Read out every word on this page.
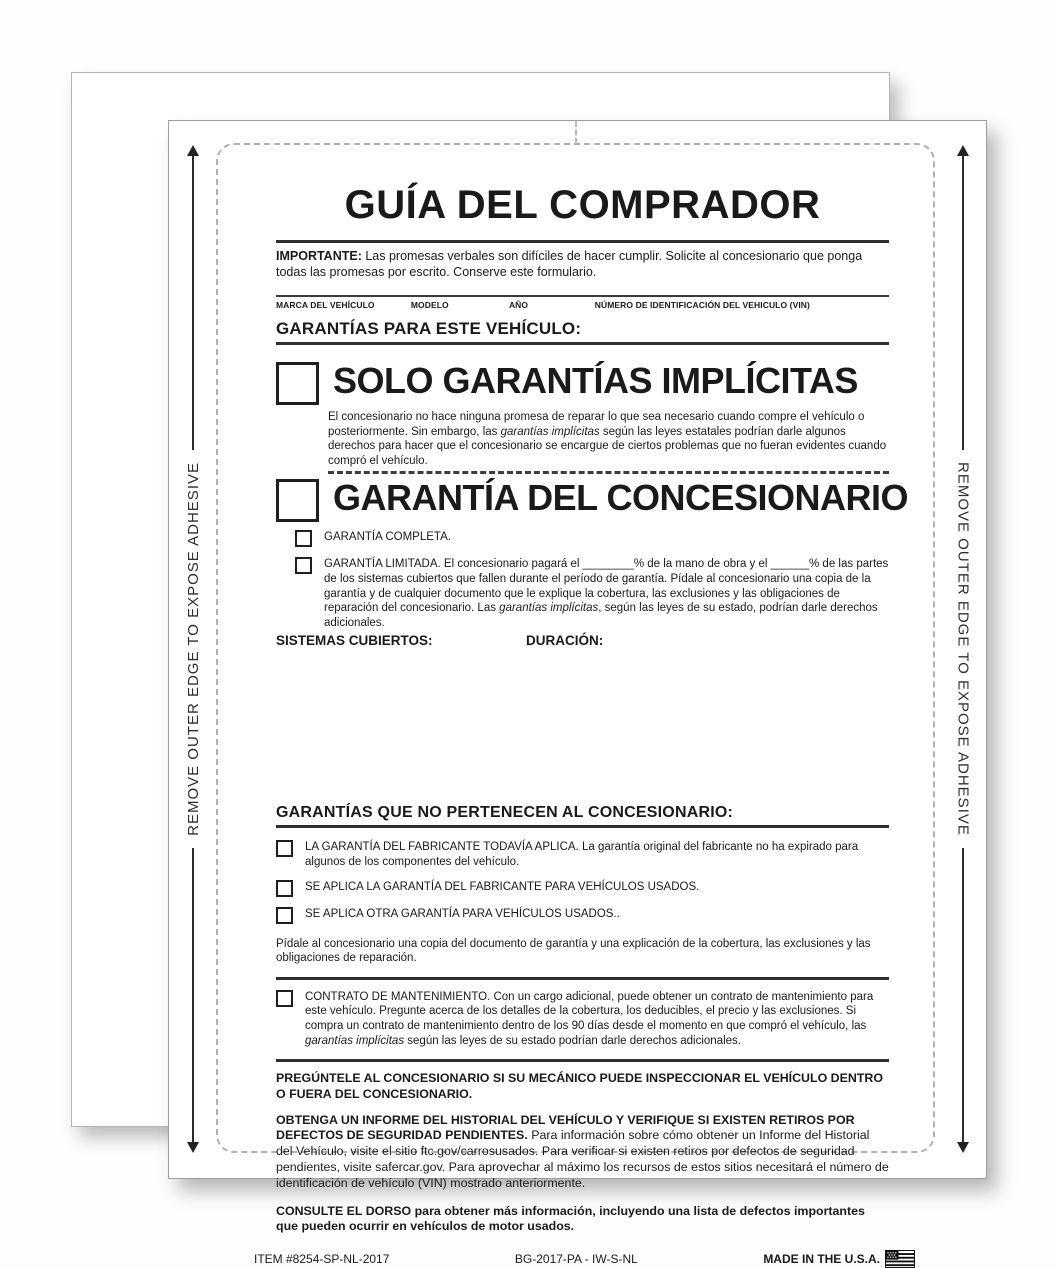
REMOVE OUTER EDGE TO EXPOSE ADHESIVE	REMOVE OUTER EDGE TO EXPOSE ADHESIVE
GUÍA DEL COMPRADOR
IMPORTANTE: Las promesas verbales son difíciles de hacer cumplir. Solicite al concesionario que ponga todas las promesas por escrito. Conserve este formulario.
MARCA DEL VEHÍCULO	MODELO	AÑO	NÚMERO DE IDENTIFICACIÓN DEL VEHICULO (VIN)
GARANTÍAS PARA ESTE VEHÍCULO:
SOLO GARANTÍAS IMPLÍCITAS
El concesionario no hace ninguna promesa de reparar lo que sea necesario cuando compre el vehículo o posteriormente. Sin embargo, las garantías implícitas según las leyes estatales podrían darle algunos derechos para hacer que el concesionario se encargue de ciertos problemas que no fueran evidentes cuando compró el vehículo.
GARANTÍA DEL CONCESIONARIO
GARANTÍA COMPLETA.
GARANTÍA LIMITADA. El concesionario pagará el ________% de la mano de obra y el ______% de las partes de los sistemas cubiertos que fallen durante el período de garantía. Pídale al concesionario una copia de la garantía y de cualquier documento que le explique la cobertura, las exclusiones y las obligaciones de reparación del concesionario. Las garantías implícitas, según las leyes de su estado, podrían darle derechos adicionales.
SISTEMAS CUBIERTOS:	DURACIÓN:
GARANTÍAS QUE NO PERTENECEN AL CONCESIONARIO:
LA GARANTÍA DEL FABRICANTE TODAVÍA APLICA. La garantía original del fabricante no ha expirado para algunos de los componentes del vehículo.
SE APLICA LA GARANTÍA DEL FABRICANTE PARA VEHÍCULOS USADOS.
SE APLICA OTRA GARANTÍA PARA VEHÍCULOS USADOS..
Pídale al concesionario una copia del documento de garantía y una explicación de la cobertura, las exclusiones y las obligaciones de reparación.
CONTRATO DE MANTENIMIENTO. Con un cargo adicional, puede obtener un contrato de mantenimiento para este vehículo. Pregunte acerca de los detalles de la cobertura, los deducibles, el precio y las exclusiones. Si compra un contrato de mantenimiento dentro de los 90 días desde el momento en que compró el vehículo, las garantías implícitas según las leyes de su estado podrían darle derechos adicionales.
PREGÚNTELE AL CONCESIONARIO SI SU MECÁNICO PUEDE INSPECCIONAR EL VEHÍCULO DENTRO O FUERA DEL CONCESIONARIO.
OBTENGA UN INFORME DEL HISTORIAL DEL VEHÍCULO Y VERIFIQUE SI EXISTEN RETIROS POR DEFECTOS DE SEGURIDAD PENDIENTES. Para información sobre cómo obtener un Informe del Historial del Vehículo, visite el sitio ftc.gov/carrosusados. Para verificar si existen retiros por defectos de seguridad pendientes, visite safercar.gov. Para aprovechar al máximo los recursos de estos sitios necesitará el número de identificación de vehículo (VIN) mostrado anteriormente.
CONSULTE EL DORSO para obtener más información, incluyendo una lista de defectos importantes que pueden ocurrir en vehículos de motor usados.
ITEM #8254-SP-NL-2017	BG-2017-PA - IW-S-NL	MADE IN THE U.S.A.
